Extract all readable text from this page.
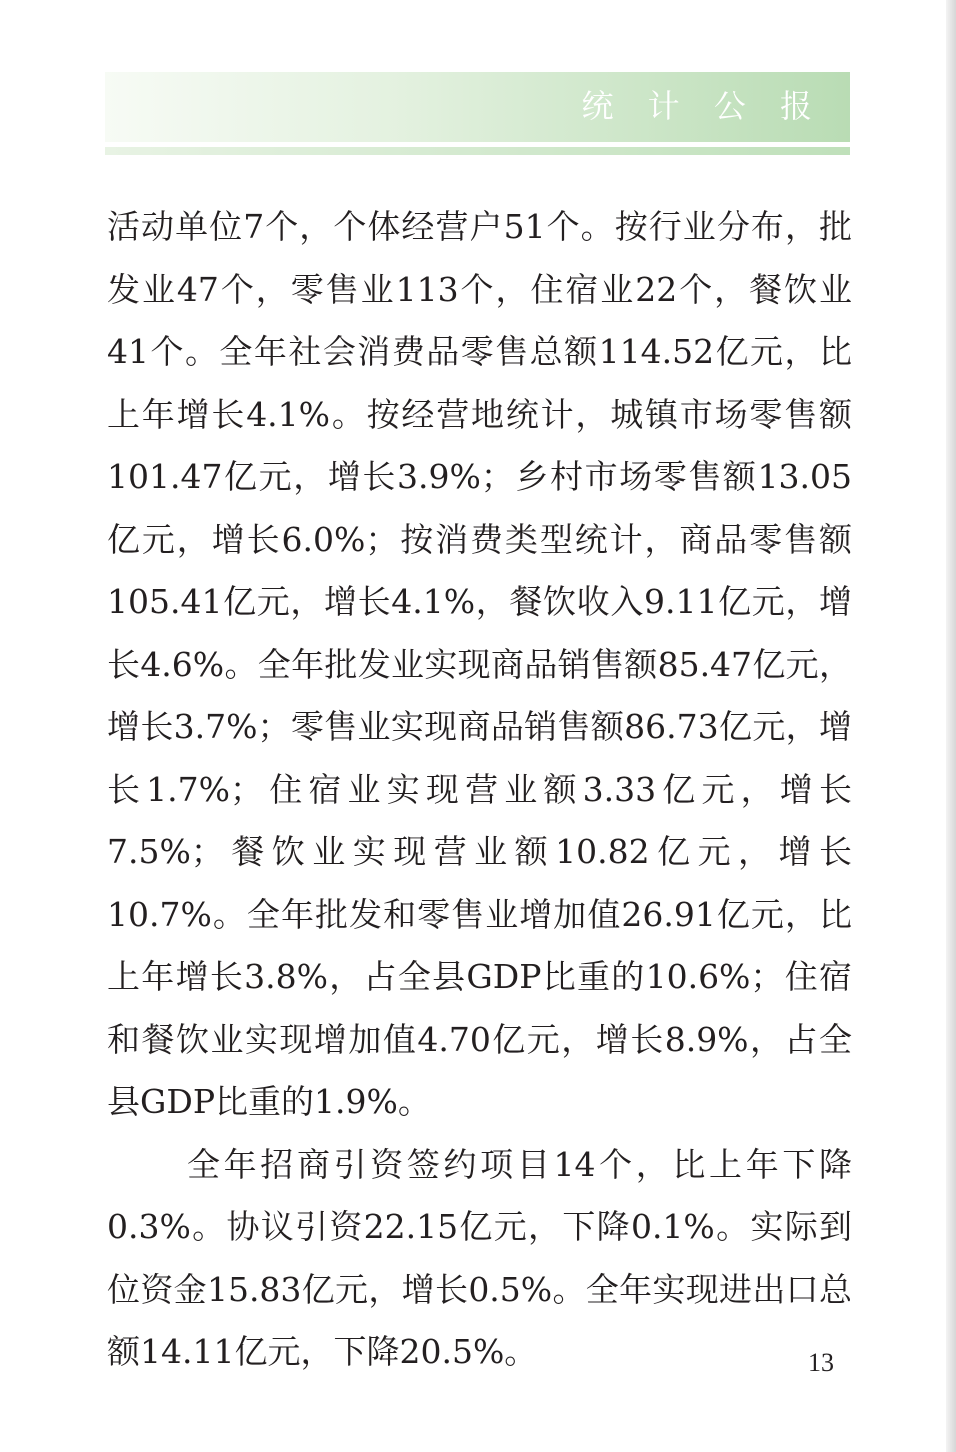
统 计 公 报

活动单位7个，个体经营户51个。按行业分布，批发业47个，零售业113个，住宿业22个，餐饮业41个。全年社会消费品零售总额114.52亿元，比上年增长4.1%。按经营地统计，城镇市场零售额101.47亿元，增长3.9%；乡村市场零售额13.05亿元，增长6.0%；按消费类型统计，商品零售额105.41亿元，增长4.1%，餐饮收入9.11亿元，增长4.6%。全年批发业实现商品销售额85.47亿元，增长3.7%；零售业实现商品销售额86.73亿元，增长1.7%；住宿业实现营业额3.33亿元，增长7.5%；餐饮业实现营业额10.82亿元，增长10.7%。全年批发和零售业增加值26.91亿元，比上年增长3.8%，占全县GDP比重的10.6%；住宿和餐饮业实现增加值4.70亿元，增长8.9%，占全县GDP比重的1.9%。

全年招商引资签约项目14个，比上年下降0.3%。协议引资22.15亿元，下降0.1%。实际到位资金15.83亿元，增长0.5%。全年实现进出口总额14.11亿元，下降20.5%。	13
